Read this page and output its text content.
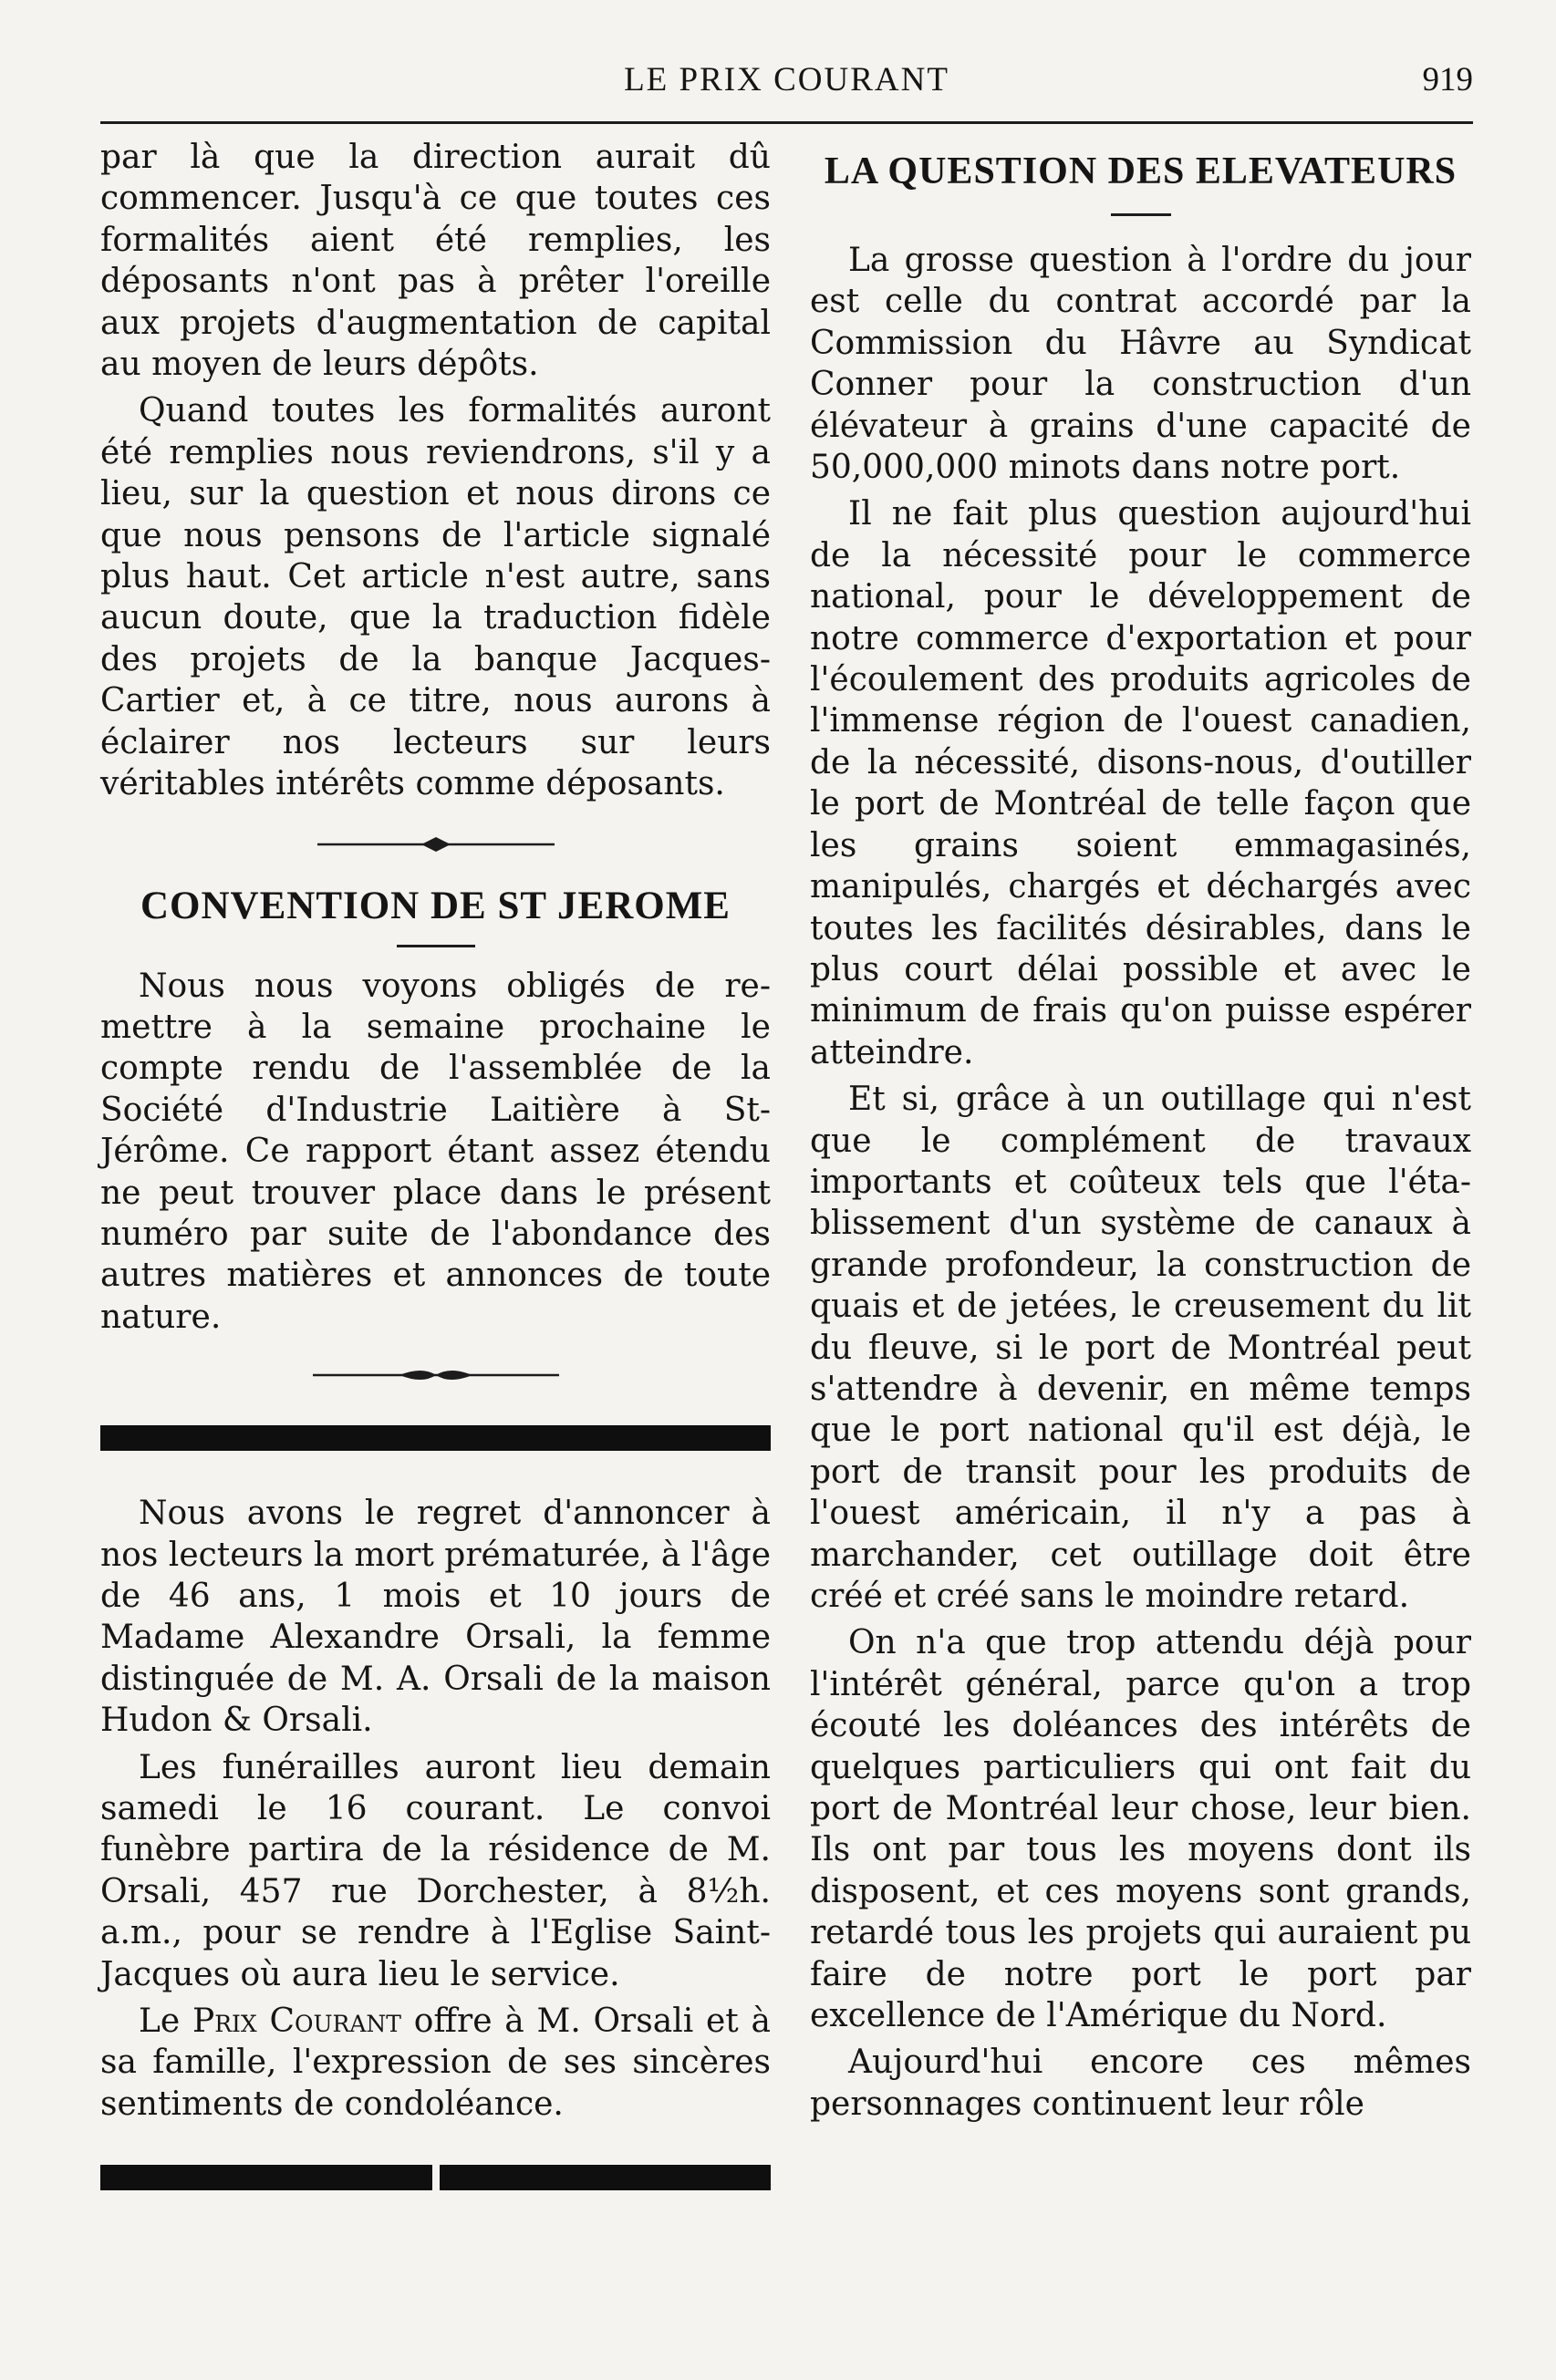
LE PRIX COURANT	919

par là que la direction aurait dû commencer. Jusqu'à ce que toutes ces formalités aient été remplies, les déposants n'ont pas à prêter l'oreille aux projets d'augmentation de capital au moyen de leurs dépôts.

Quand toutes les formalités auront été remplies nous reviendrons, s'il y a lieu, sur la question et nous dirons ce que nous pensons de l'article signalé plus haut. Cet article n'est autre, sans aucun doute, que la traduction fidèle des projets de la banque Jacques-Cartier et, à ce titre, nous aurons à éclairer nos lecteurs sur leurs véritables intérêts comme déposants.

CONVENTION DE ST JEROME

Nous nous voyons obligés de remettre à la semaine prochaine le compte rendu de l'assemblée de la Société d'Industrie Laitière à St-Jérôme. Ce rapport étant assez étendu ne peut trouver place dans le présent numéro par suite de l'abondance des autres matières et annonces de toute nature.

Nous avons le regret d'annoncer à nos lecteurs la mort prématurée, à l'âge de 46 ans, 1 mois et 10 jours de Madame Alexandre Orsali, la femme distinguée de M. A. Orsali de la maison Hudon & Orsali.

Les funérailles auront lieu demain samedi le 16 courant. Le convoi funèbre partira de la résidence de M. Orsali, 457 rue Dorchester, à 8½h. a.m., pour se rendre à l'Eglise Saint-Jacques où aura lieu le service.

Le Prix Courant offre à M. Orsali et à sa famille, l'expression de ses sincères sentiments de condoléance.

LA QUESTION DES ELEVATEURS

La grosse question à l'ordre du jour est celle du contrat accordé par la Commission du Hâvre au Syndicat Conner pour la construction d'un élévateur à grains d'une capacité de 50,000,000 minots dans notre port.

Il ne fait plus question aujourd'hui de la nécessité pour le commerce national, pour le développement de notre commerce d'exportation et pour l'écoulement des produits agricoles de l'immense région de l'ouest canadien, de la nécessité, disons-nous, d'outiller le port de Montréal de telle façon que les grains soient emmagasinés, manipulés, chargés et déchargés avec toutes les facilités désirables, dans le plus court délai possible et avec le minimum de frais qu'on puisse espérer atteindre.

Et si, grâce à un outillage qui n'est que le complément de travaux importants et coûteux tels que l'établissement d'un système de canaux à grande profondeur, la construction de quais et de jetées, le creusement du lit du fleuve, si le port de Montréal peut s'attendre à devenir, en même temps que le port national qu'il est déjà, le port de transit pour les produits de l'ouest américain, il n'y a pas à marchander, cet outillage doit être créé et créé sans le moindre retard.

On n'a que trop attendu déjà pour l'intérêt général, parce qu'on a trop écouté les doléances des intérêts de quelques particuliers qui ont fait du port de Montréal leur chose, leur bien. Ils ont par tous les moyens dont ils disposent, et ces moyens sont grands, retardé tous les projets qui auraient pu faire de notre port le port par excellence de l'Amérique du Nord.

Aujourd'hui encore ces mêmes personnages continuent leur rôle
